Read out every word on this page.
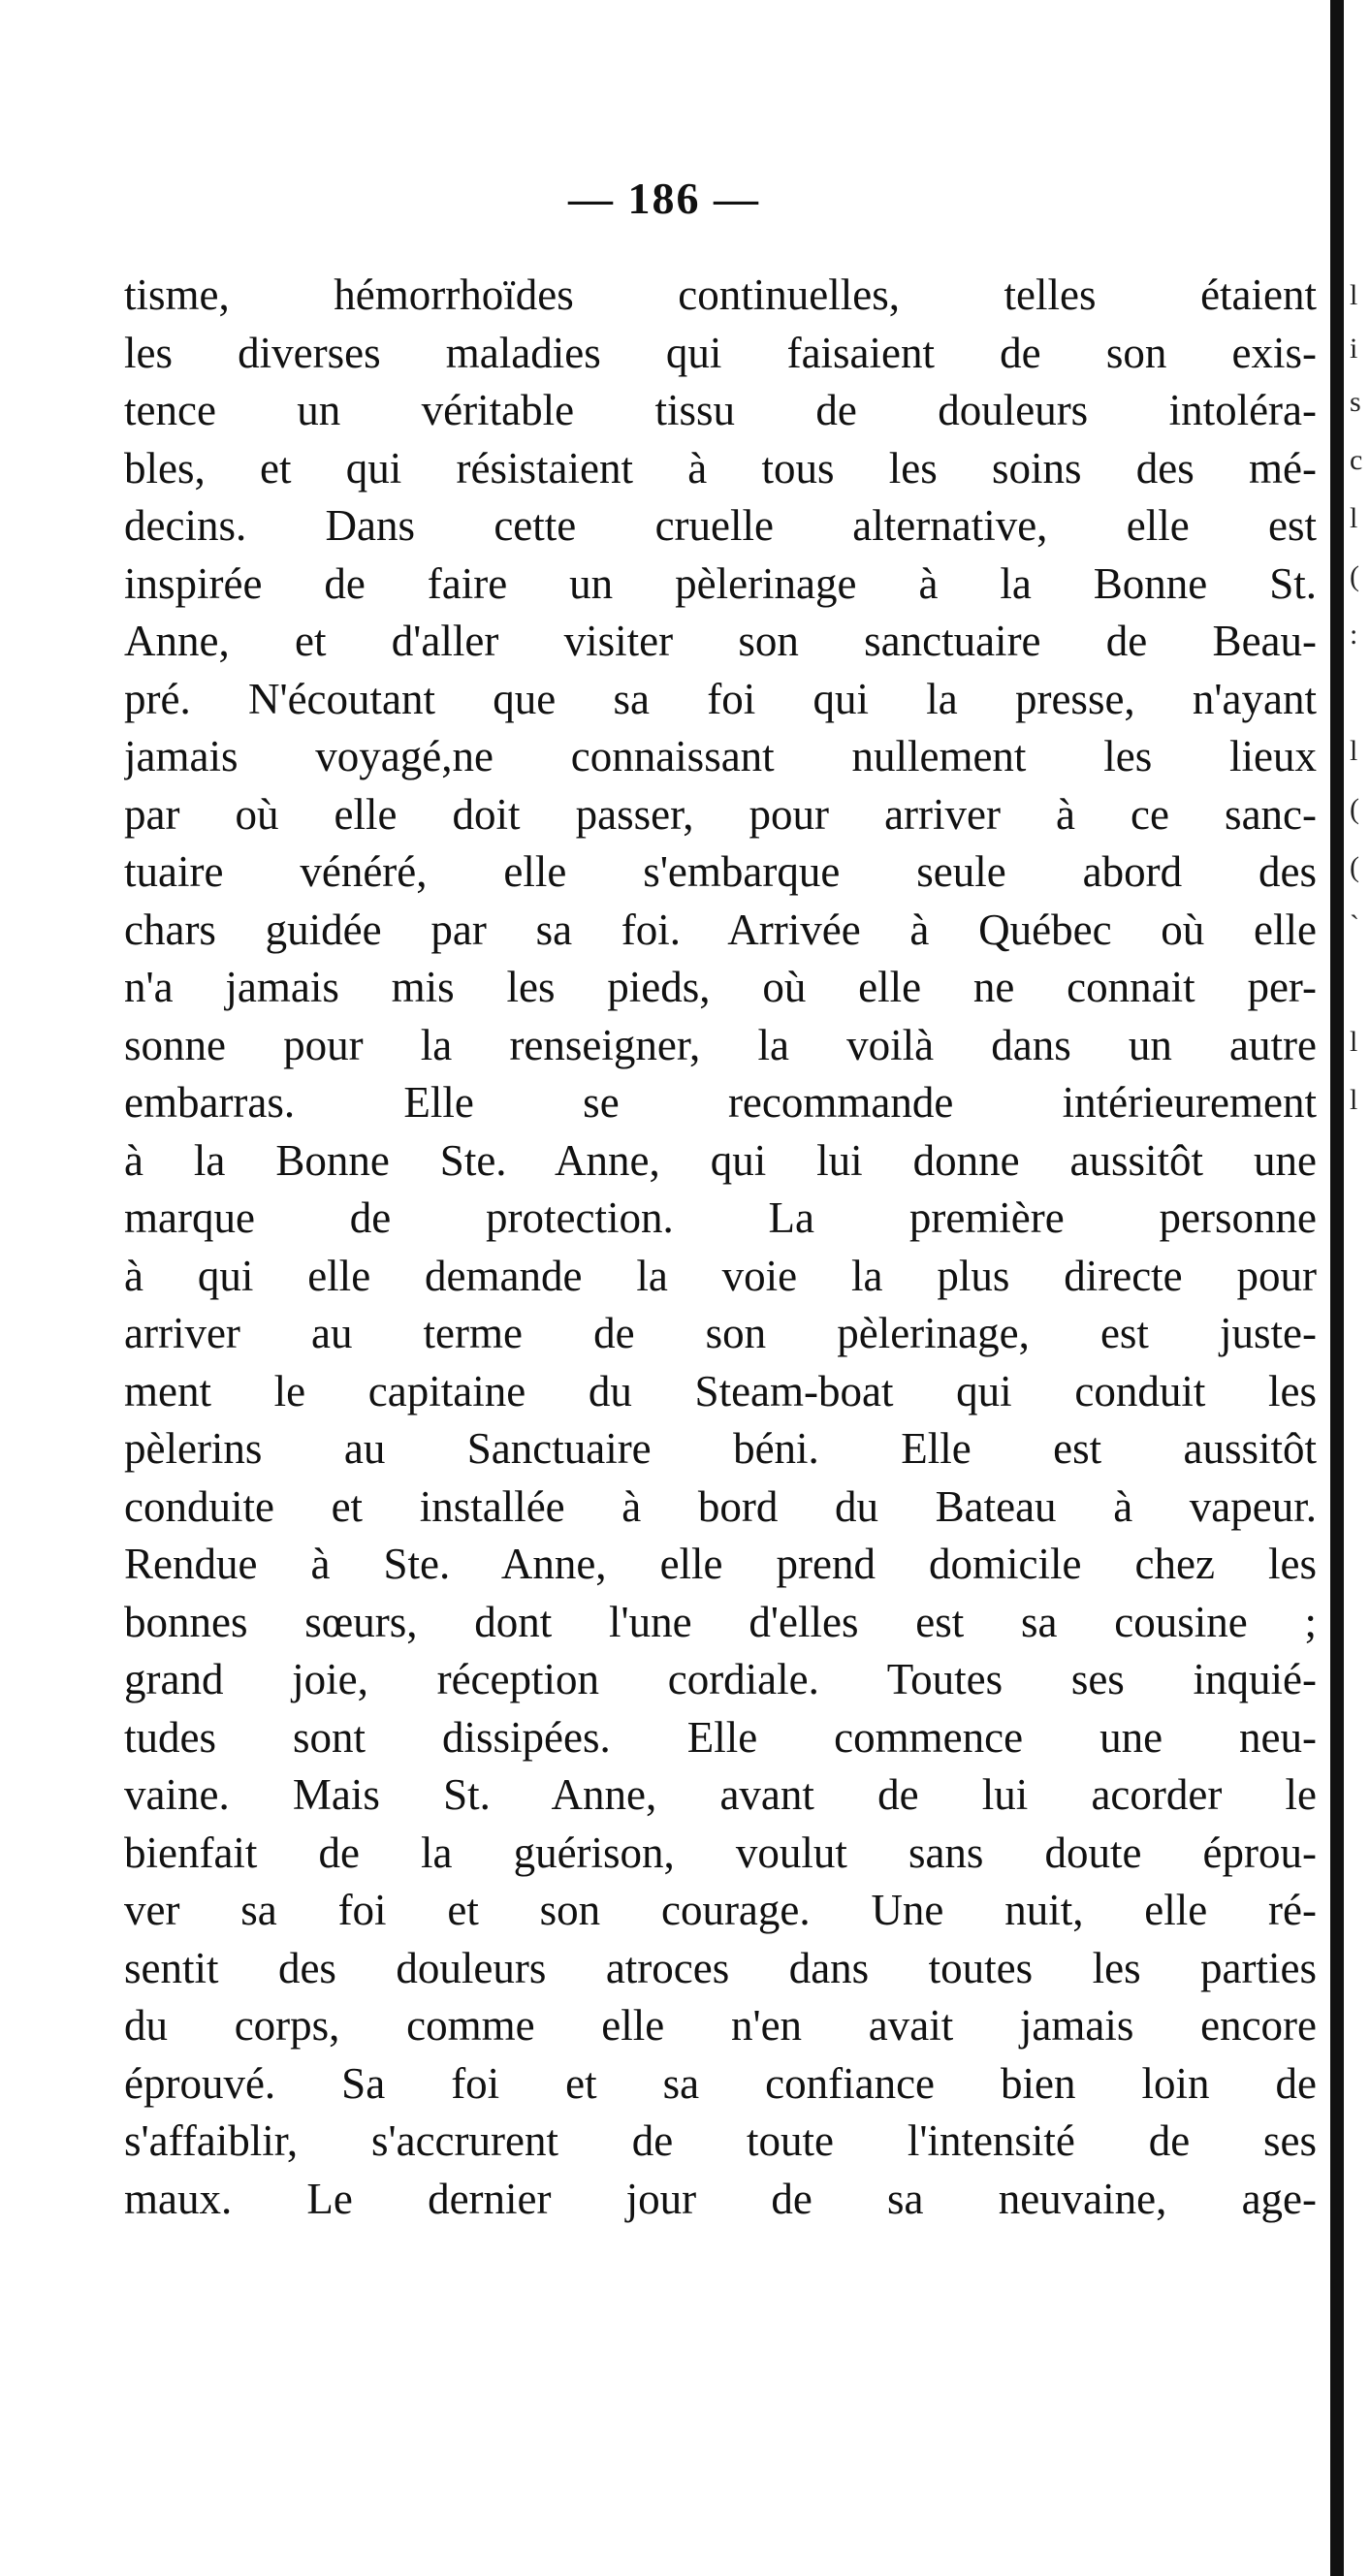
— 186 —
tisme, hémorrhoïdes continuelles, telles étaient
les diverses maladies qui faisaient de son exis-
tence un véritable tissu de douleurs intolérа-
bles, et qui résistaient à tous les soins des mé-
decins. Dans cette cruelle alternative, elle est
inspirée de faire un pèlerinage à la Bonne St.
Anne, et d'aller visiter son sanctuaire de Beau-
pré. N'écoutant que sa foi qui la presse, n'ayant
jamais voyagé,ne connaissant nullement les lieux
par où elle doit passer, pour arriver à ce sanc-
tuaire vénéré, elle s'embarque seule abord des
chars guidée par sa foi. Arrivée à Québec où elle
n'a jamais mis les pieds, où elle ne connait per-
sonne pour la renseigner, la voilà dans un autre
embarras. Elle se recommande intérieurement
à la Bonne Ste. Anne, qui lui donne aussitôt une
marque de protection. La première personne
à qui elle demande la voie la plus directe pour
arriver au terme de son pèlerinage, est juste-
ment le capitaine du Steam-boat qui conduit les
pèlerins au Sanctuaire béni. Elle est aussitôt
conduite et installée à bord du Bateau à vapeur.
Rendue à Ste. Anne, elle prend domicile chez les
bonnes sœurs, dont l'une d'elles est sa cousine ;
grand joie, réception cordiale. Toutes ses inquié-
tudes sont dissipées. Elle commence une neu-
vaine. Mais St. Anne, avant de lui acorder le
bienfait de la guérison, voulut sans doute éprou-
ver sa foi et son courage. Une nuit, elle ré-
sentit des douleurs atroces dans toutes les parties
du corps, comme elle n'en avait jamais encore
éprouvé. Sa foi et sa confiance bien loin de
s'affaiblir, s'accrurent de toute l'intensité de ses
maux. Le dernier jour de sa neuvaine, age-
l
i
s
c
l
(
:
l
(
(
`
l
l
